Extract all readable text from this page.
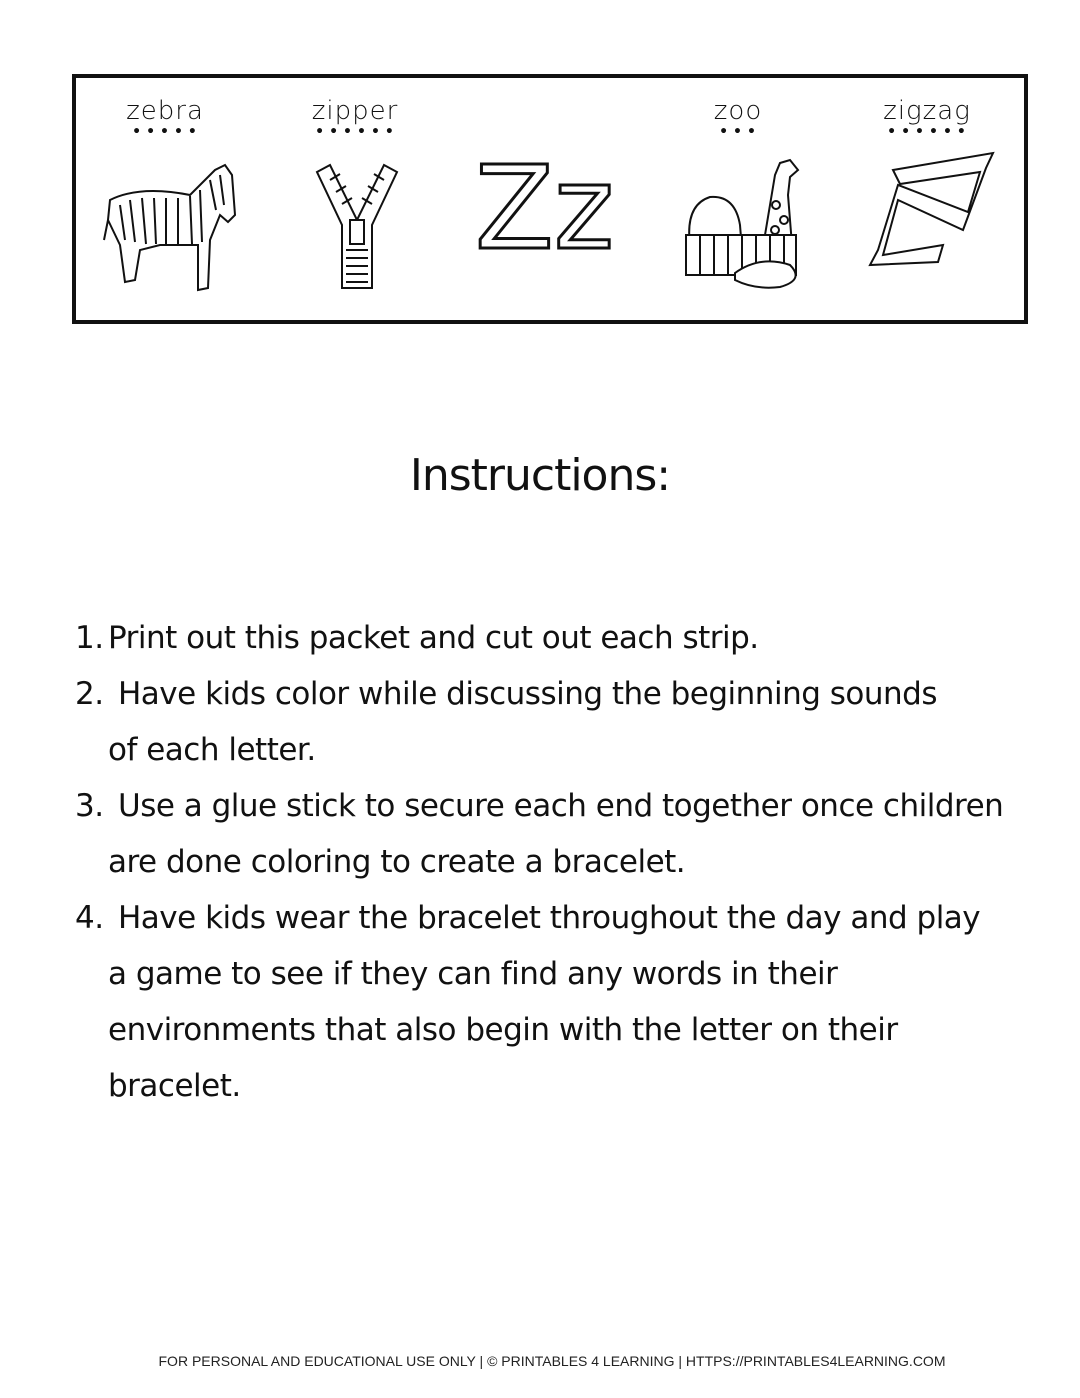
zebra
•••••
zipper
••••••
zoo
•••
zigzag
••••••
Zz
Instructions:
1. Print out this packet and cut out each strip.
2. Have kids color while discussing the beginning sounds of each letter.
3. Use a glue stick to secure each end together once children are done coloring to create a bracelet.
4. Have kids wear the bracelet throughout the day and play a game to see if they can find any words in their environments that also begin with the letter on their bracelet.
FOR PERSONAL AND EDUCATIONAL USE ONLY | © PRINTABLES 4 LEARNING | HTTPS://PRINTABLES4LEARNING.COM
